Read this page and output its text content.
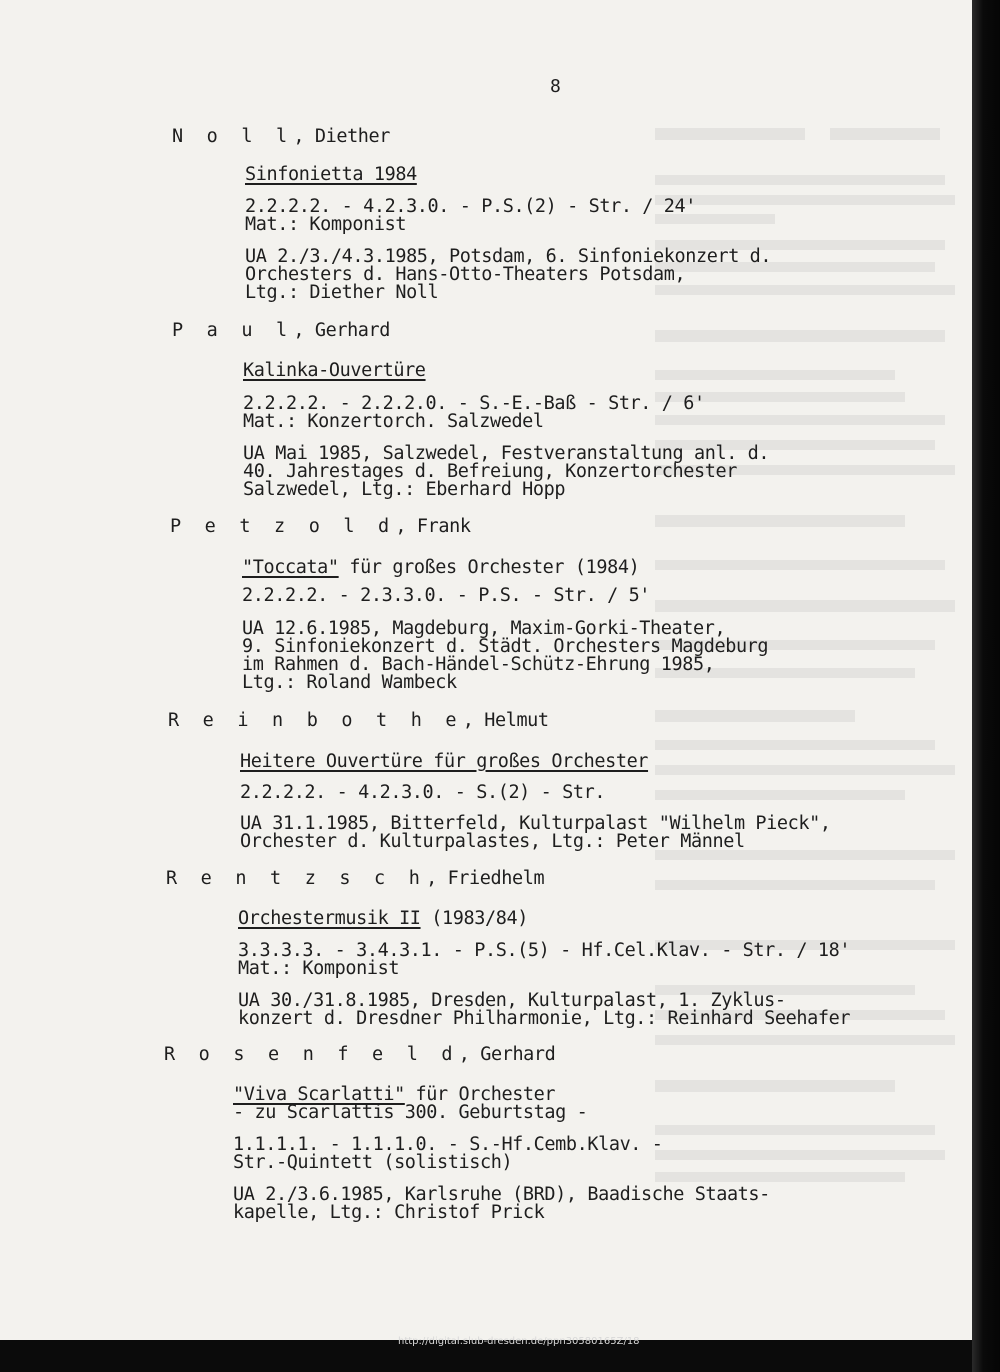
8
N o l l, Diether
Sinfonietta 1984
2.2.2.2. - 4.2.3.0. - P.S.(2) - Str. / 24'
Mat.: Komponist
UA 2./3./4.3.1985, Potsdam, 6. Sinfoniekonzert d.
Orchesters d. Hans-Otto-Theaters Potsdam,
Ltg.: Diether Noll
P a u l, Gerhard
Kalinka-Ouvertüre
2.2.2.2. - 2.2.2.0. - S.-E.-Baß - Str. / 6'
Mat.: Konzertorch. Salzwedel
UA Mai 1985, Salzwedel, Festveranstaltung anl. d.
40. Jahrestages d. Befreiung, Konzertorchester
Salzwedel, Ltg.: Eberhard Hopp
P e t z o l d, Frank
"Toccata" für großes Orchester (1984)
2.2.2.2. - 2.3.3.0. - P.S. - Str. / 5'
UA 12.6.1985, Magdeburg, Maxim-Gorki-Theater,
9. Sinfoniekonzert d. Städt. Orchesters Magdeburg
im Rahmen d. Bach-Händel-Schütz-Ehrung 1985,
Ltg.: Roland Wambeck
R e i n b o t h e, Helmut
Heitere Ouvertüre für großes Orchester
2.2.2.2. - 4.2.3.0. - S.(2) - Str.
UA 31.1.1985, Bitterfeld, Kulturpalast "Wilhelm Pieck",
Orchester d. Kulturpalastes, Ltg.: Peter Männel
R e n t z s c h, Friedhelm
Orchestermusik II (1983/84)
3.3.3.3. - 3.4.3.1. - P.S.(5) - Hf.Cel.Klav. - Str. / 18'
Mat.: Komponist
UA 30./31.8.1985, Dresden, Kulturpalast, 1. Zyklus-
konzert d. Dresdner Philharmonie, Ltg.: Reinhard Seehafer
R o s e n f e l d, Gerhard
"Viva Scarlatti" für Orchester
- zu Scarlattis 300. Geburtstag -
1.1.1.1. - 1.1.1.0. - S.-Hf.Cemb.Klav. -
Str.-Quintett (solistisch)
UA 2./3.6.1985, Karlsruhe (BRD), Baadische Staats-
kapelle, Ltg.: Christof Prick
http://digital.slub-dresden.de/ppn30580165Z/18
